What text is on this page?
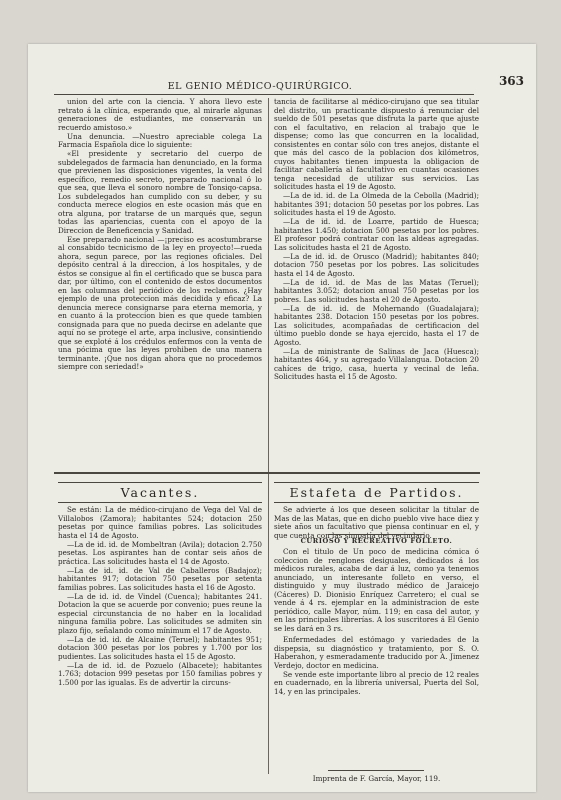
EL GENIO MÉDICO-QUIRÚRGICO.	363

union del arte con la ciencia. Y ahora llevo este retrato á la clínica, esperando que, al mirarle algunas generaciones de estudiantes, me conservarán un recuerdo amistoso.»

Una denuncia. —Nuestro apreciable colega La Farmacia Española dice lo siguiente:

«El presidente y secretario del cuerpo de subdelegados de farmacia han denunciado, en la forma que previenen las disposiciones vigentes, la venta del específico, remedio secreto, preparado nacional ó lo que sea, que lleva el sonoro nombre de Tonsiqo-capsa. Los subdelegados han cumplido con su deber, y su conducta merece elogios en este ocasion más que en otra alguna, por tratarse de un marqués que, segun todas las apariencias, cuenta con el apoyo de la Direccion de Beneficencia y Sanidad.

Ese preparado nacional —¡preciso es acostumbrarse al consabido tecnicismo de la ley en proyecto!—rueda ahora, segun parece, por las regiones oficiales. Del depósito central á la direccion, á los hospitales, y de éstos se consigue al fin el certificado que se busca para dar, por último, con el contenido de estos documentos en las columnas del periódico de los reclamos. ¿Hay ejemplo de una proteccion más decidida y eficaz? La denuncia merece consignarse para eterna memoria, y en cuanto á la proteccion bien es que quede tambien consignada para que no pueda decirse en adelante que aquí no se protege el arte, arpa inclusive, consintiendo que se exploté á los crédulos enfermos con la venta de una pócima que las leyes prohiben de una manera terminante. ¡Que nos digan ahora que no procedemos siempre con seriedad!»

tancia de facilitarse al médico-cirujano que sea titular del distrito, un practicante dispuesto á renunciar del sueldo de 501 pesetas que disfruta la parte que ajuste con el facultativo, en relacion al trabajo que le dispense; como las que concurren en la localidad, consistentes en contar sólo con tres anejos, distante el que más del casco de la poblacion dos kilómetros, cuyos habitantes tienen impuesta la obligacion de facilitar caballería al facultativo en cuantas ocasiones tenga necesidad de utilizar sus servicios. Las solicitudes hasta el 19 de Agosto.

—La de id. id. de La Olmeda de la Cebolla (Madrid); habitantes 391; dotacion 50 pesetas por los pobres. Las solicitudes hasta el 19 de Agosto.

—La de id. id. de Loarre, partido de Huesca; habitantes 1.450; dotacion 500 pesetas por los pobres. El profesor podrá contratar con las aldeas agregadas. Las solicitudes hasta el 21 de Agosto.

—La de id. id. de Orusco (Madrid); habitantes 840; dotacion 750 pesetas por los pobres. Las solicitudes hasta el 14 de Agosto.

—La de id. id. de Mas de las Matas (Teruel); habitantes 3.052; dotacion anual 750 pesetas por los pobres. Las solicitudes hasta el 20 de Agosto.

—La de id. id. de Mohernando (Guadalajara); habitantes 238. Dotacion 150 pesetas por los pobres. Las solicitudes, acompañadas de certificacion del último pueblo donde se haya ejercido, hasta el 17 de Agosto.

—La de ministrante de Salinas de Jaca (Huesca); habitantes 464, y su agregado Villalangua. Dotacion 20 cahíces de trigo, casa, huerta y vecinal de leña. Solicitudes hasta el 15 de Agosto.

Vacantes.	Estafeta de Partidos.

Se están: La de médico-cirujano de Vega del Val de Villalobos (Zamora); habitantes 524; dotacion 250 pesetas por quince familias pobres. Las solicitudes hasta el 14 de Agosto.

—La de id. id. de Mombeltran (Avila); dotacion 2.750 pesetas. Los aspirantes han de contar seis años de práctica. Las solicitudes hasta el 14 de Agosto.

—La de id. id. de Val de Caballeros (Badajoz); habitantes 917; dotacion 750 pesetas por setenta familias pobres. Las solicitudes hasta el 16 de Agosto.

—La de id. id. de Vindel (Cuenca); habitantes 241. Dotacion la que se acuerde por convenio; pues reune la especial circunstancia de no haber en la localidad ninguna familia pobre. Las solicitudes se admiten sin plazo fijo, señalando como mínimum el 17 de Agosto.

—La de id. id. de Alcaine (Teruel); habitantes 951; dotacion 300 pesetas por los pobres y 1.700 por los pudientes. Las solicitudes hasta el 15 de Agosto.

—La de id. id. de Pozuelo (Albacete); habitantes 1.763; dotacion 999 pesetas por 150 familias pobres y 1.500 por las igualas. Es de advertir la circuns-

Se advierte á los que deseen solicitar la titular de Mas de las Matas, que en dicho pueblo vive hace diez y siete años un facultativo que piensa continuar en el, y que cuenta con las simpatía del vecindario.

CURIOSO Y RECREATIVO FOLLETO.

Con el titulo de Un poco de medicina cómica ó coleccion de renglones desiguales, dedicados á los médicos rurales, acaba de dar á luz, como ya tenemos anunciado, un interesante folleto en verso, el distinguido y muy ilustrado médico de Jaraicejo (Cáceres) D. Dionisio Enríquez Carretero; el cual se vende á 4 rs. ejemplar en la administracion de este periódico, calle Mayor, núm. 119; en casa del autor, y en las principales librerías. A los suscritores á El Genio se les dará en 3 rs.

Enfermedades del estómago y variedades de la dispepsia, su diagnóstico y tratamiento, por S. O. Haberahon, y esmeradamente traducido por A. Jimenez Verdejo, doctor en medicina.

Se vende este importante libro al precio de 12 reales en cuadernado, en la librería universal, Puerta del Sol, 14, y en las principales.

Imprenta de F. García, Mayor, 119.
